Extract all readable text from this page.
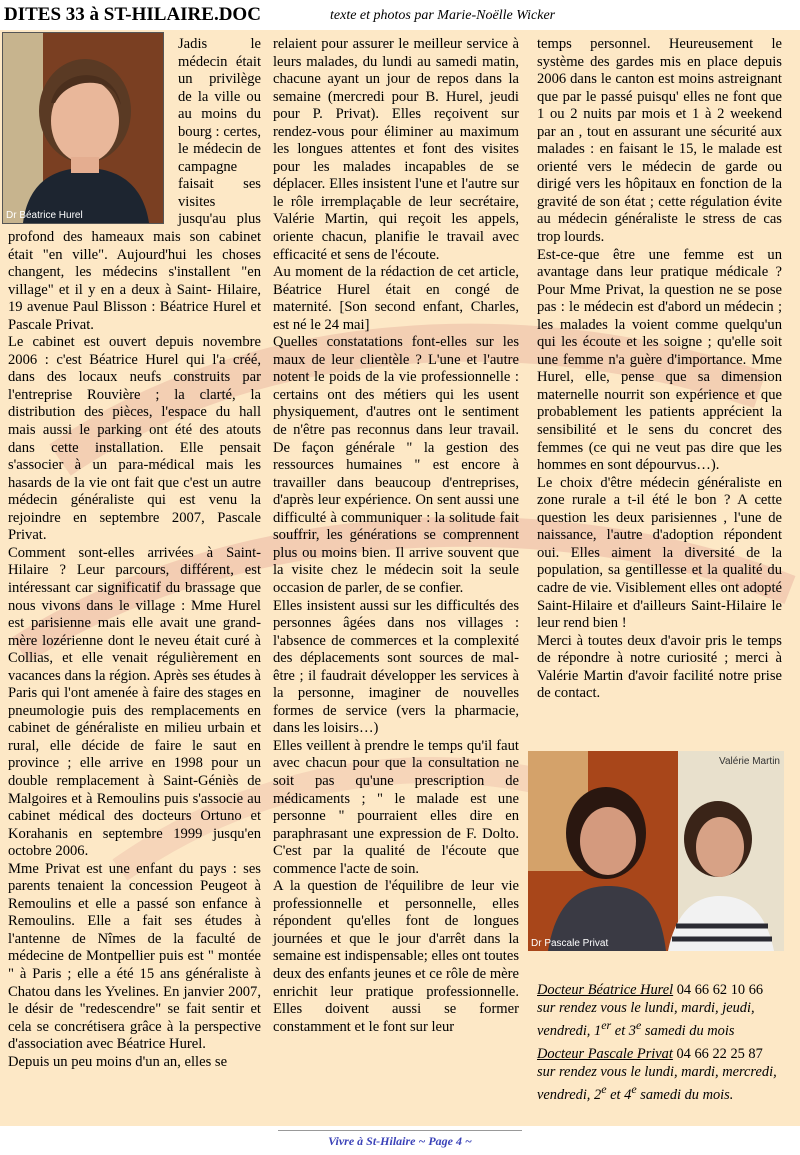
DITES 33 à ST-HILAIRE.DOC	texte et photos par Marie-Noëlle Wicker
Dr Béatrice Hurel

Jadis le médecin était un privilège de la ville ou au moins du bourg : certes, le médecin de campagne faisait ses visites jusqu'au plus profond des hameaux mais son cabinet était "en ville". Aujourd'hui les choses changent, les médecins s'installent "en village" et il y en a deux à Saint- Hilaire, 19 avenue Paul Blisson : Béatrice Hurel et Pascale Privat.

Le cabinet est ouvert depuis novembre 2006 : c'est Béatrice Hurel qui l'a créé, dans des locaux neufs construits par l'entreprise Rouvière ; la clarté, la distribution des pièces, l'espace du hall mais aussi le parking ont été des atouts dans cette installation. Elle pensait s'associer à un para-médical mais les hasards de la vie ont fait que c'est un autre médecin généraliste qui est venu la rejoindre en septembre 2007, Pascale Privat.

Comment sont-elles arrivées à Saint-Hilaire ? Leur parcours, différent, est intéressant car significatif du brassage que nous vivons dans le village : Mme Hurel est parisienne mais elle avait une grand-mère lozérienne dont le neveu était curé à Collias, et elle venait régulièrement en vacances dans la région. Après ses études à Paris qui l'ont amenée à faire des stages en pneumologie puis des remplacements en cabinet de généraliste en milieu urbain et rural, elle décide de faire le saut en province ; elle arrive en 1998 pour un double remplacement à Saint-Géniès de Malgoires et à Remoulins puis s'associe au cabinet médical des docteurs Ortuno et Korahanis en septembre 1999 jusqu'en octobre 2006.

Mme Privat est une enfant du pays : ses parents tenaient la concession Peugeot à Remoulins et elle a passé son enfance à Remoulins. Elle a fait ses études à l'antenne de Nîmes de la faculté de médecine de Montpellier puis est " montée " à Paris ; elle a été 15 ans généraliste à Chatou dans les Yvelines. En janvier 2007, le désir de "redescendre" se fait sentir et cela se concrétisera grâce à la perspective d'association avec Béatrice Hurel.

Depuis un peu moins d'un an, elles se

relaient pour assurer le meilleur service à leurs malades, du lundi au samedi matin, chacune ayant un jour de repos dans la semaine (mercredi pour B. Hurel, jeudi pour P. Privat). Elles reçoivent sur rendez-vous pour éliminer au maximum les longues attentes et font des visites pour les malades incapables de se déplacer. Elles insistent l'une et l'autre sur le rôle irremplaçable de leur secrétaire, Valérie Martin, qui reçoit les appels, oriente chacun, planifie le travail avec efficacité et sens de l'écoute.

Au moment de la rédaction de cet article, Béatrice Hurel était en congé de maternité. [Son second enfant, Charles, est né le 24 mai]

Quelles constatations font-elles sur les maux de leur clientèle ? L'une et l'autre notent le poids de la vie professionnelle : certains ont des métiers qui les usent physiquement, d'autres ont le sentiment de n'être pas reconnus dans leur travail. De façon générale " la gestion des ressources humaines " est encore à travailler dans beaucoup d'entreprises, d'après leur expérience. On sent aussi une difficulté à communiquer : la solitude fait souffrir, les générations se comprennent plus ou moins bien. Il arrive souvent que la visite chez le médecin soit la seule occasion de parler, de se confier.

Elles insistent aussi sur les difficultés des personnes âgées dans nos villages : l'absence de commerces et la complexité des déplacements sont sources de mal-être ; il faudrait développer les services à la personne, imaginer de nouvelles formes de service (vers la pharmacie, dans les loisirs…)

Elles veillent à prendre le temps qu'il faut avec chacun pour que la consultation ne soit pas qu'une prescription de médicaments ; " le malade est une personne " pourraient elles dire en paraphrasant une expression de F. Dolto. C'est par la qualité de l'écoute que commence l'acte de soin.

A la question de l'équilibre de leur vie professionnelle et personnelle, elles répondent qu'elles font de longues journées et que le jour d'arrêt dans la semaine est indispensable; elles ont toutes deux des enfants jeunes et ce rôle de mère enrichit leur pratique professionnelle. Elles doivent aussi se former constamment et le font sur leur

temps personnel. Heureusement le système des gardes mis en place depuis 2006 dans le canton est moins astreignant que par le passé puisqu' elles ne font que 1 ou 2 nuits par mois et 1 à 2 weekend par an , tout en assurant une sécurité aux malades : en faisant le 15, le malade est orienté vers le médecin de garde ou dirigé vers les hôpitaux en fonction de la gravité de son état ; cette régulation évite au médecin généraliste le stress de cas trop lourds.

Est-ce-que être une femme est un avantage dans leur pratique médicale ? Pour Mme Privat, la question ne se pose pas : le médecin est d'abord un médecin ; les malades la voient comme quelqu'un qui les écoute et les soigne ; qu'elle soit une femme n'a guère d'importance. Mme Hurel, elle, pense que sa dimension maternelle nourrit son expérience et que probablement les patients apprécient la sensibilité et le sens du concret des femmes (ce qui ne veut pas dire que les hommes en sont dépourvus…).

Le choix d'être médecin généraliste en zone rurale a t-il été le bon ? A cette question les deux parisiennes , l'une de naissance, l'autre d'adoption répondent oui. Elles aiment la diversité de la population, sa gentillesse et la qualité du cadre de vie. Visiblement elles ont adopté Saint-Hilaire et d'ailleurs Saint-Hilaire le leur rend bien !

Merci à toutes deux d'avoir pris le temps de répondre à notre curiosité ; merci à Valérie Martin d'avoir facilité notre prise de contact.

Dr Pascale Privat
Valérie Martin

Docteur Béatrice Hurel 04 66 62 10 66 sur rendez vous le lundi, mardi, jeudi, vendredi, 1er et 3e samedi du mois

Docteur Pascale Privat 04 66 22 25 87 sur rendez vous le lundi, mardi, mercredi, vendredi, 2e et 4e samedi du mois.

Vivre à St-Hilaire ~ Page 4 ~
